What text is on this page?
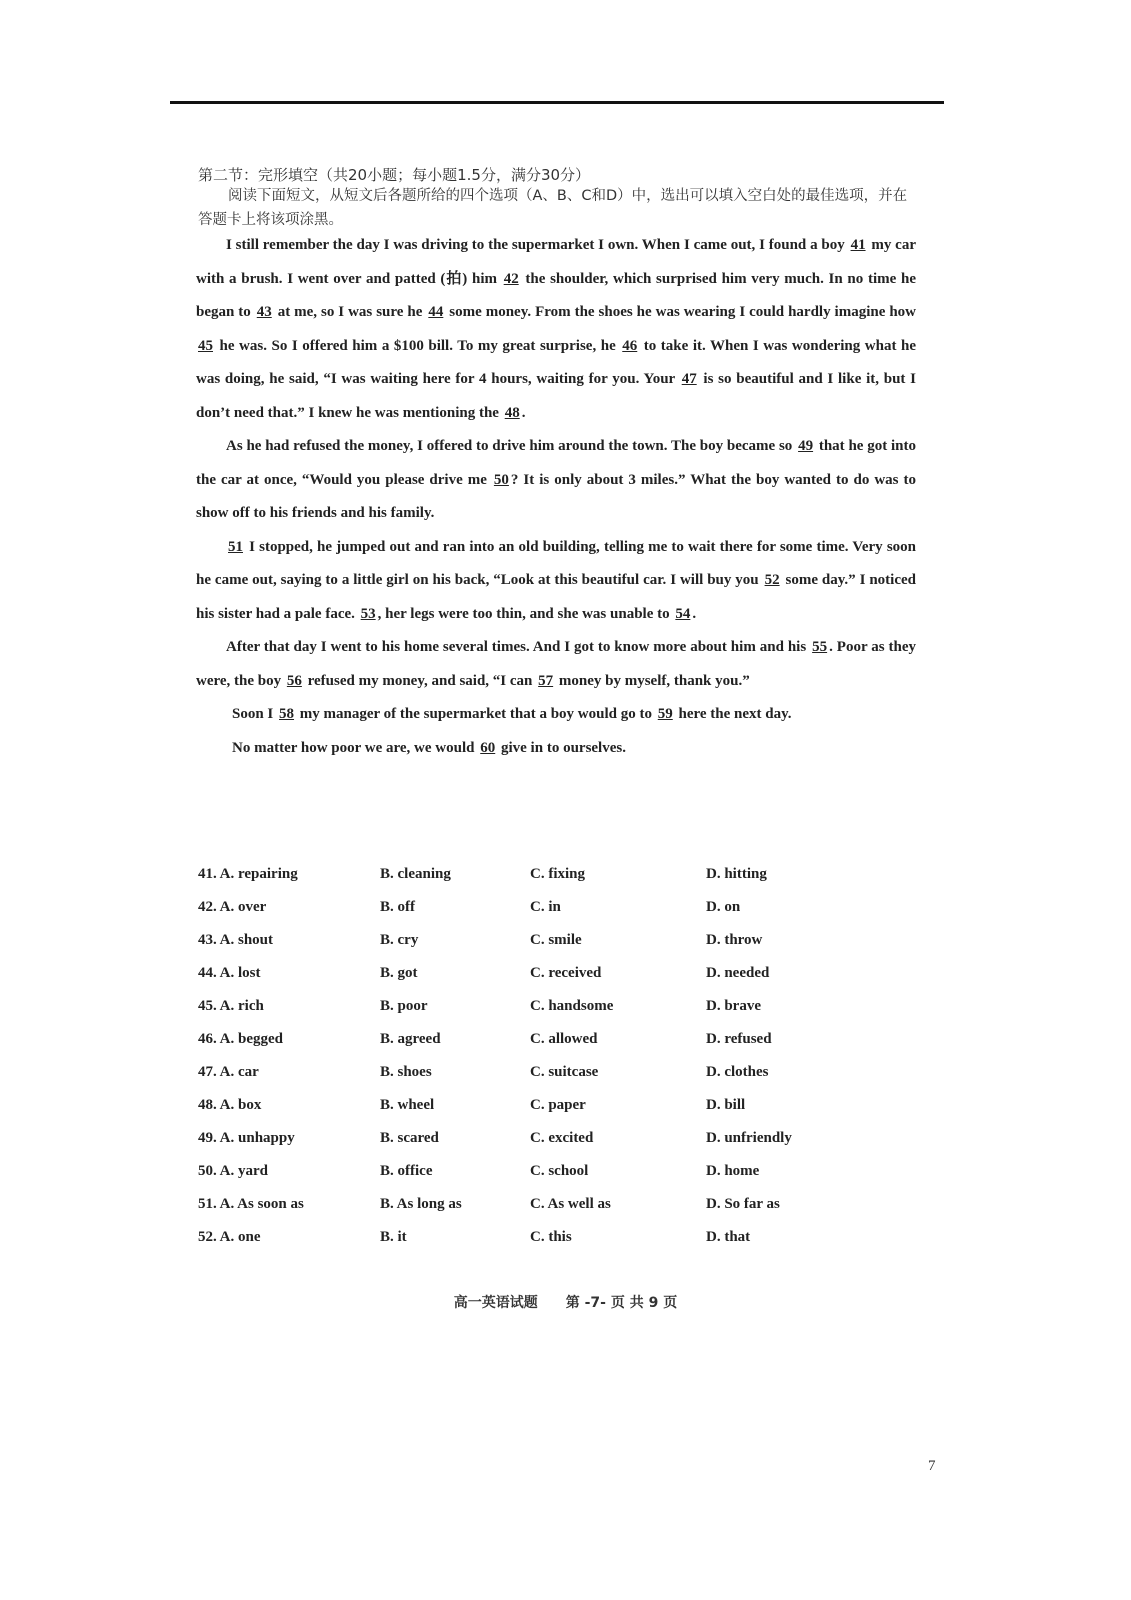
第二节：完形填空（共20小题；每小题1.5分，满分30分）
阅读下面短文，从短文后各题所给的四个选项（A、B、C和D）中，选出可以填入空白处的最佳选项，并在答题卡上将该项涂黑。

I still remember the day I was driving to the supermarket I own. When I came out, I found a boy 41 my car with a brush. I went over and patted (拍) him 42 the shoulder, which surprised him very much. In no time he began to 43 at me, so I was sure he 44 some money. From the shoes he was wearing I could hardly imagine how 45 he was. So I offered him a $100 bill. To my great surprise, he 46 to take it. When I was wondering what he was doing, he said, “I was waiting here for 4 hours, waiting for you. Your 47 is so beautiful and I like it, but I don’t need that.” I knew he was mentioning the 48 .

As he had refused the money, I offered to drive him around the town. The boy became so 49 that he got into the car at once, “Would you please drive me 50 ? It is only about 3 miles.” What the boy wanted to do was to show off to his friends and his family.

51 I stopped, he jumped out and ran into an old building, telling me to wait there for some time. Very soon he came out, saying to a little girl on his back, “Look at this beautiful car. I will buy you 52 some day.” I noticed his sister had a pale face. 53 , her legs were too thin, and she was unable to 54 .

After that day I went to his home several times. And I got to know more about him and his 55 . Poor as they were, the boy 56 refused my money, and said, “I can 57 money by myself, thank you.”

Soon I 58 my manager of the supermarket that a boy would go to 59 here the next day.

No matter how poor we are, we would 60 give in to ourselves.

41. A. repairing	B. cleaning	C. fixing	D. hitting
42. A. over	B. off	C. in	D. on
43. A. shout	B. cry	C. smile	D. throw
44. A. lost	B. got	C. received	D. needed
45. A. rich	B. poor	C. handsome	D. brave
46. A. begged	B. agreed	C. allowed	D. refused
47. A. car	B. shoes	C. suitcase	D. clothes
48. A. box	B. wheel	C. paper	D. bill
49. A. unhappy	B. scared	C. excited	D. unfriendly
50. A. yard	B. office	C. school	D. home
51. A. As soon as	B. As long as	C. As well as	D. So far as
52. A. one	B. it	C. this	D. that
高一英语试题　　第 -7- 页 共 9 页
7
